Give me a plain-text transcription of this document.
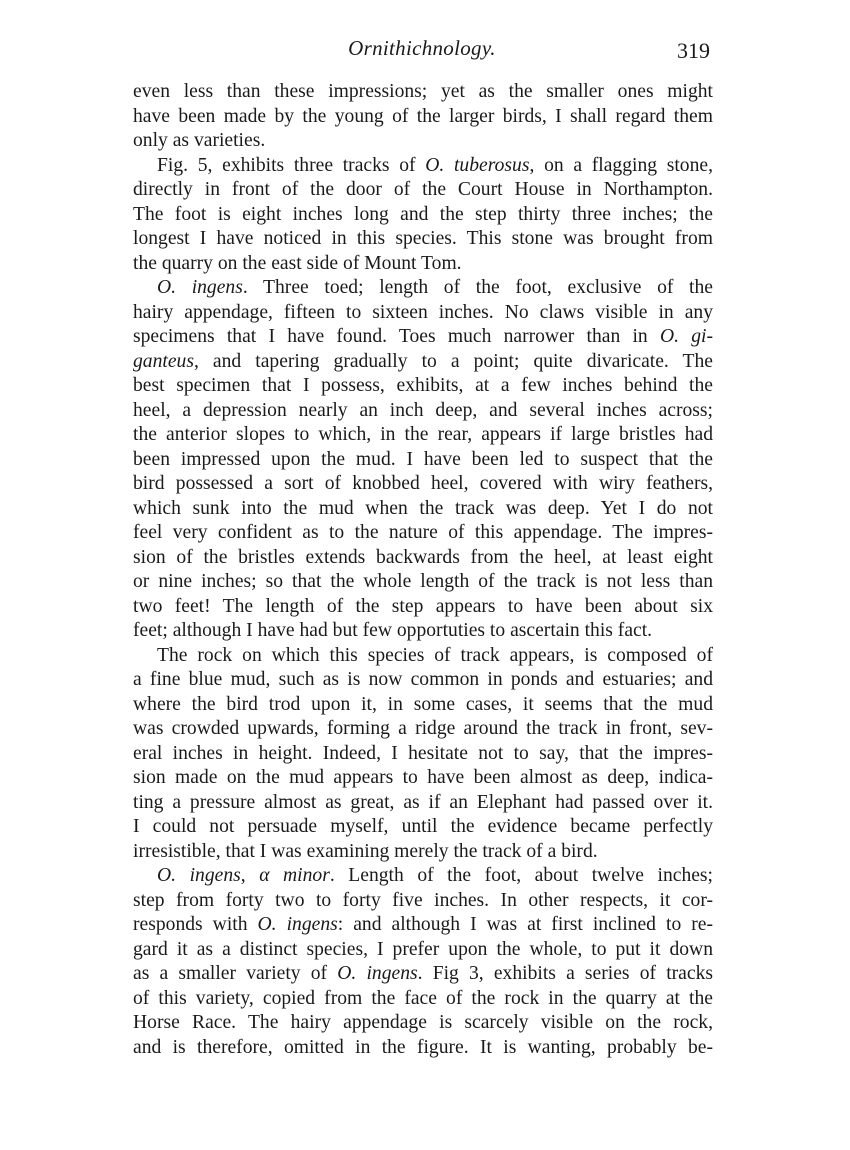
Ornithichnology.	319
even less than these impressions; yet as the smaller ones might
have been made by the young of the larger birds, I shall regard them
only as varieties.
Fig. 5, exhibits three tracks of O. tuberosus, on a flagging stone,
directly in front of the door of the Court House in Northampton.
The foot is eight inches long and the step thirty three inches; the
longest I have noticed in this species. This stone was brought from
the quarry on the east side of Mount Tom.
O. ingens. Three toed; length of the foot, exclusive of the
hairy appendage, fifteen to sixteen inches. No claws visible in any
specimens that I have found. Toes much narrower than in O. gi-
ganteus, and tapering gradually to a point; quite divaricate. The
best specimen that I possess, exhibits, at a few inches behind the
heel, a depression nearly an inch deep, and several inches across;
the anterior slopes to which, in the rear, appears if large bristles had
been impressed upon the mud. I have been led to suspect that the
bird possessed a sort of knobbed heel, covered with wiry feathers,
which sunk into the mud when the track was deep. Yet I do not
feel very confident as to the nature of this appendage. The impres-
sion of the bristles extends backwards from the heel, at least eight
or nine inches; so that the whole length of the track is not less than
two feet! The length of the step appears to have been about six
feet; although I have had but few opportuties to ascertain this fact.
The rock on which this species of track appears, is composed of
a fine blue mud, such as is now common in ponds and estuaries; and
where the bird trod upon it, in some cases, it seems that the mud
was crowded upwards, forming a ridge around the track in front, sev-
eral inches in height. Indeed, I hesitate not to say, that the impres-
sion made on the mud appears to have been almost as deep, indica-
ting a pressure almost as great, as if an Elephant had passed over it.
I could not persuade myself, until the evidence became perfectly
irresistible, that I was examining merely the track of a bird.
O. ingens, α minor. Length of the foot, about twelve inches;
step from forty two to forty five inches. In other respects, it cor-
responds with O. ingens: and although I was at first inclined to re-
gard it as a distinct species, I prefer upon the whole, to put it down
as a smaller variety of O. ingens. Fig 3, exhibits a series of tracks
of this variety, copied from the face of the rock in the quarry at the
Horse Race. The hairy appendage is scarcely visible on the rock,
and is therefore, omitted in the figure. It is wanting, probably be-
